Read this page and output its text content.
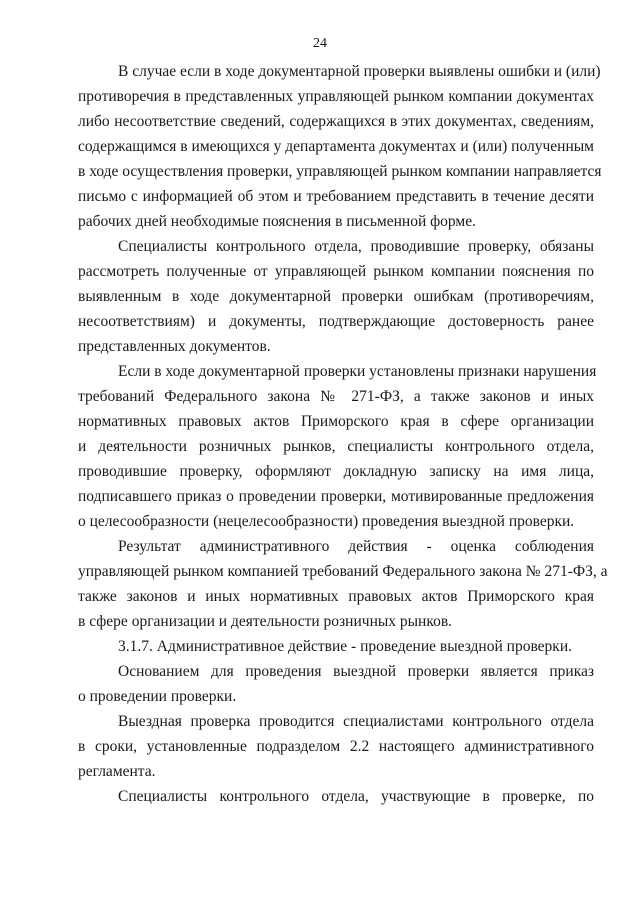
24
В случае если в ходе документарной проверки выявлены ошибки и (или)
противоречия в представленных управляющей рынком компании документах
либо несоответствие сведений, содержащихся в этих документах, сведениям,
содержащимся в имеющихся у департамента документах и (или) полученным
в ходе осуществления проверки, управляющей рынком компании направляется
письмо с информацией об этом и требованием представить в течение десяти
рабочих дней необходимые пояснения в письменной форме.
Специалисты контрольного отдела, проводившие проверку, обязаны
рассмотреть полученные от управляющей рынком компании пояснения по
выявленным в ходе документарной проверки ошибкам (противоречиям,
несоответствиям) и документы, подтверждающие достоверность ранее
представленных документов.
Если в ходе документарной проверки установлены признаки нарушения
требований Федерального закона № 271-ФЗ, а также законов и иных
нормативных правовых актов Приморского края в сфере организации
и деятельности розничных рынков, специалисты контрольного отдела,
проводившие проверку, оформляют докладную записку на имя лица,
подписавшего приказ о проведении проверки, мотивированные предложения
о целесообразности (нецелесообразности) проведения выездной проверки.
Результат административного действия - оценка соблюдения
управляющей рынком компанией требований Федерального закона № 271-ФЗ, а
также законов и иных нормативных правовых актов Приморского края
в сфере организации и деятельности розничных рынков.
3.1.7. Административное действие - проведение выездной проверки.
Основанием для проведения выездной проверки является приказ
о проведении проверки.
Выездная проверка проводится специалистами контрольного отдела
в сроки, установленные подразделом 2.2 настоящего административного
регламента.
Специалисты контрольного отдела, участвующие в проверке, по
